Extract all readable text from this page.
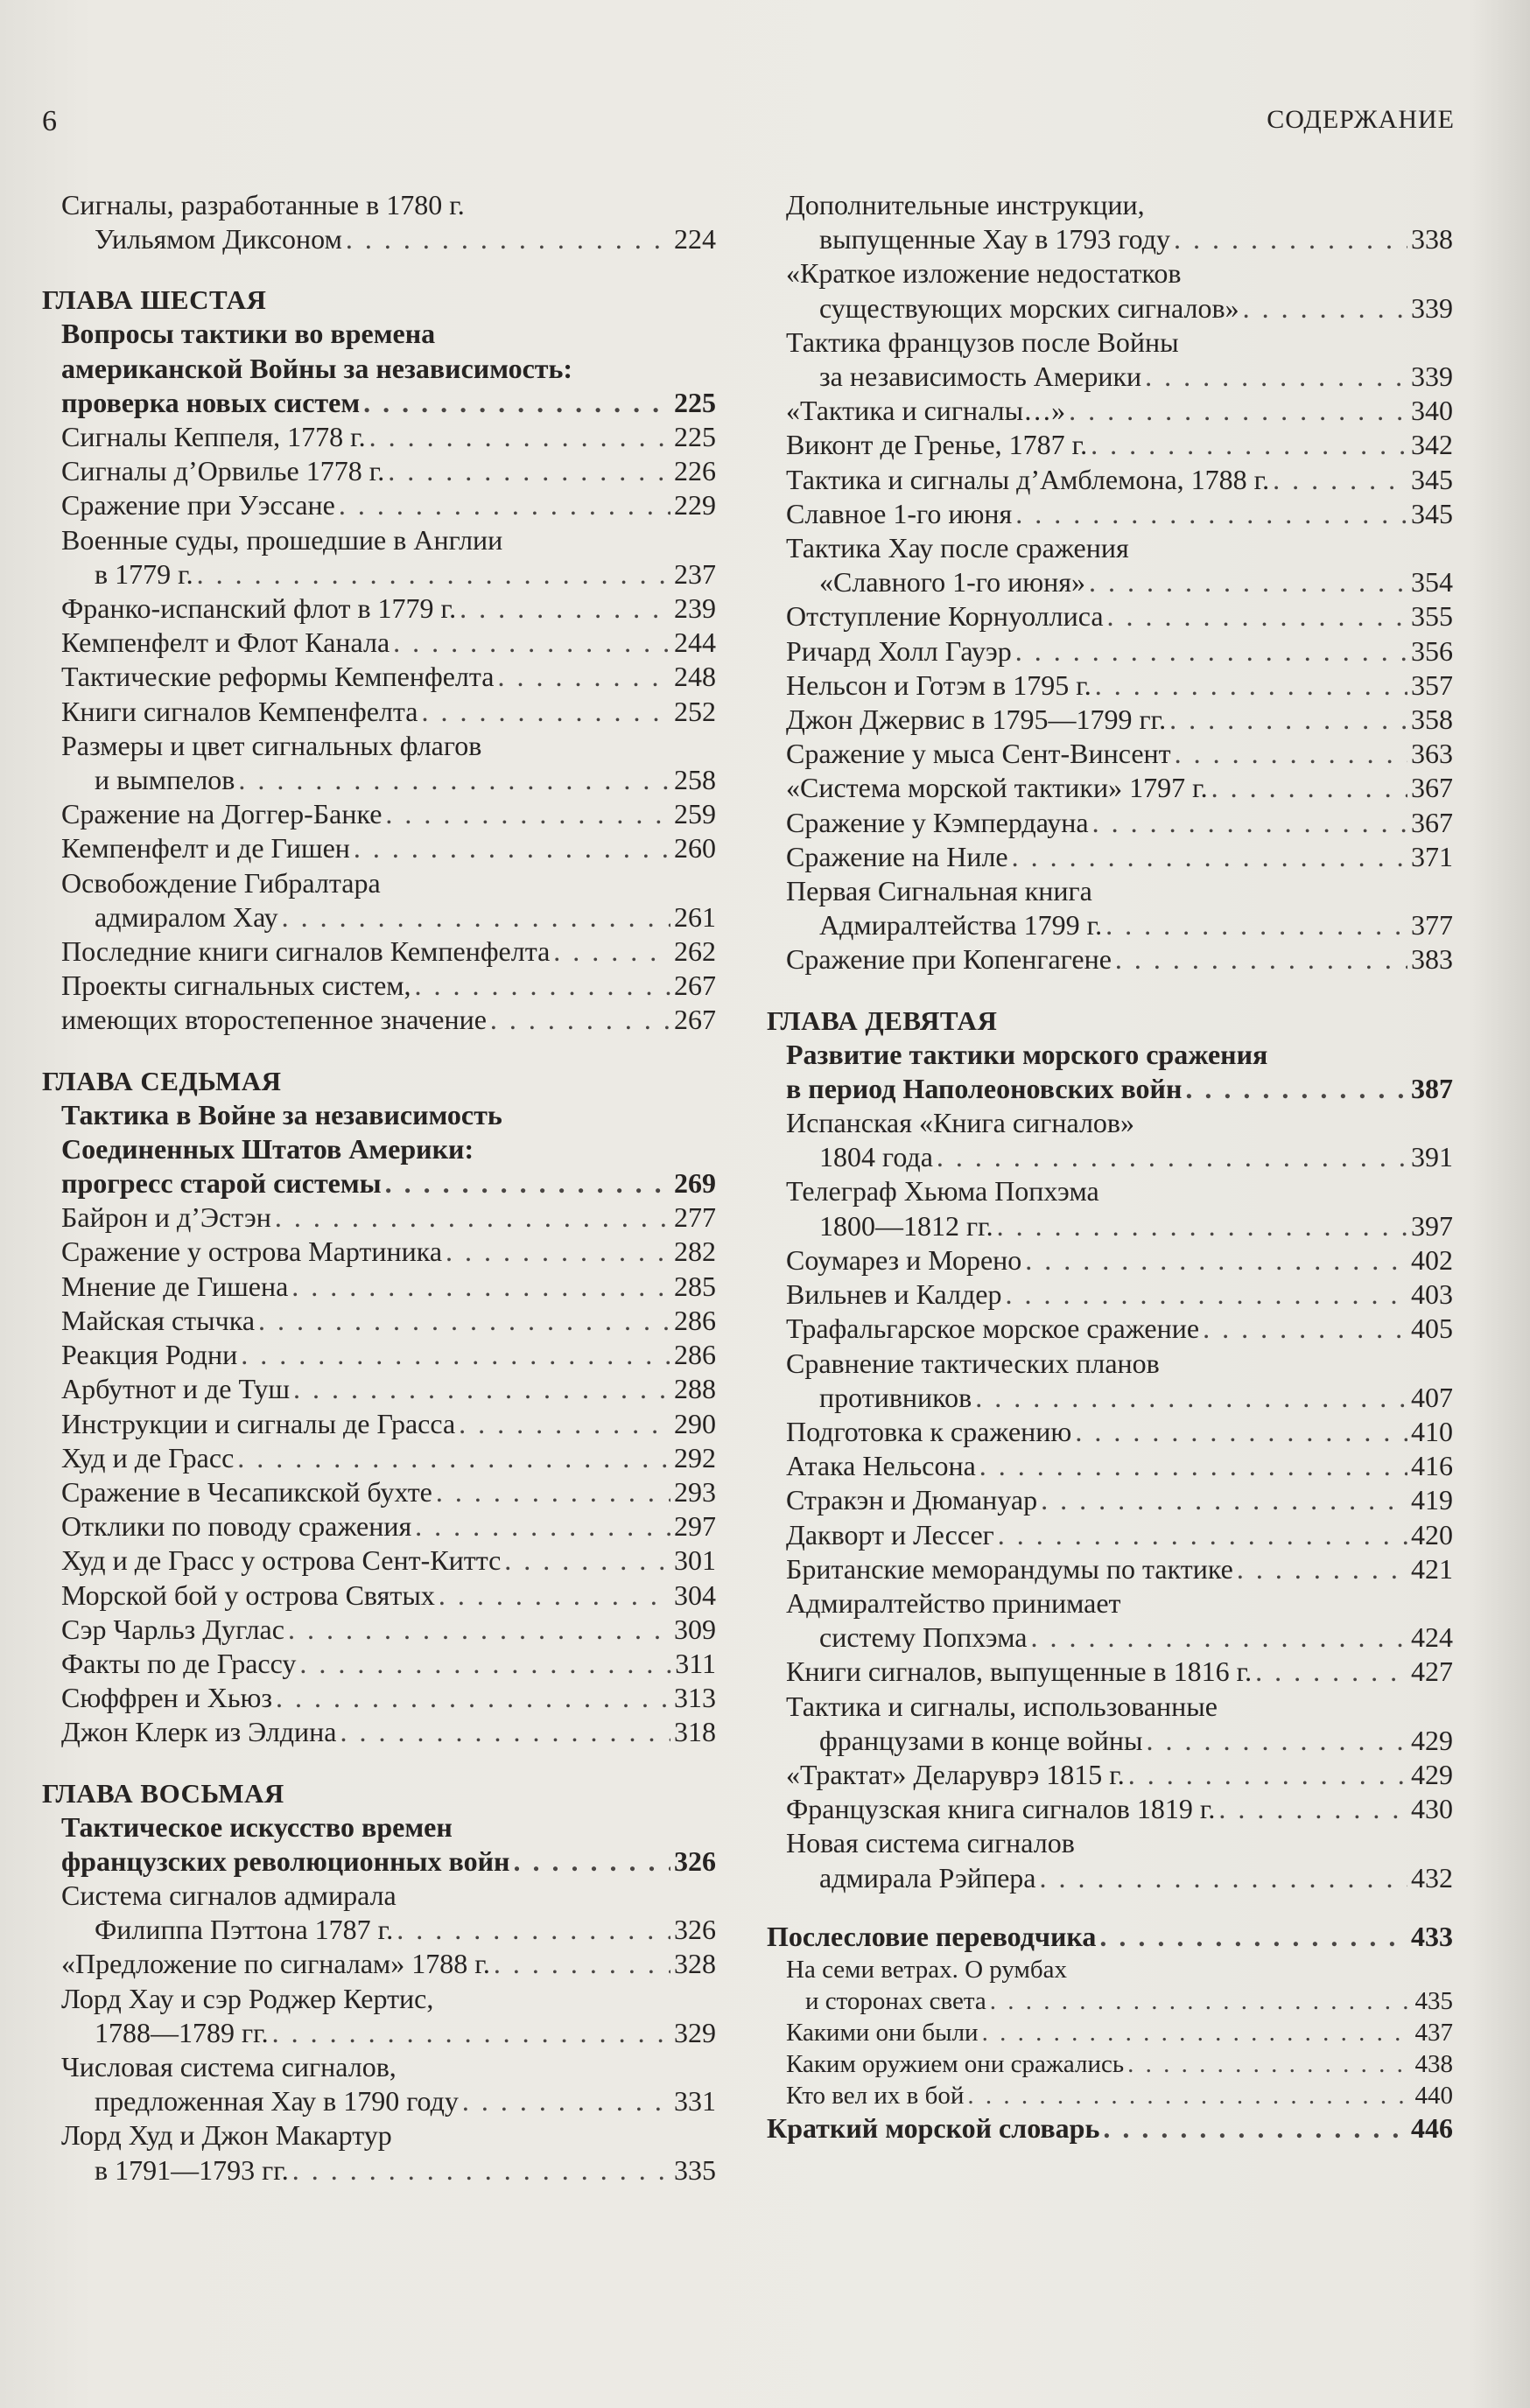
6	СОДЕРЖАНИЕ
Сигналы, разработанные в 1780 г.
Уильямом Диксоном . . .	224
ГЛАВА ШЕСТАЯ
Вопросы тактики во времена
американской Войны за независимость:
проверка новых систем . . .	225
Сигналы Кеппеля, 1778 г. . . .	225
Сигналы д’Орвилье 1778 г. . . .	226
Сражение при Уэссане . . .	229
Военные суды, прошедшие в Англии
в 1779 г. . . .	237
Франко-испанский флот в 1779 г. . . .	239
Кемпенфелт и Флот Канала . . .	244
Тактические реформы Кемпенфелта . . .	248
Книги сигналов Кемпенфелта . . .	252
Размеры и цвет сигнальных флагов
и вымпелов . . .	258
Сражение на Доггер-Банке . . .	259
Кемпенфелт и де Гишен . . .	260
Освобождение Гибралтара
адмиралом Хау . . .	261
Последние книги сигналов Кемпенфелта . . .	262
Проекты сигнальных систем, . . .	267
имеющих второстепенное значение . . .	267
ГЛАВА СЕДЬМАЯ
Тактика в Войне за независимость
Соединенных Штатов Америки:
прогресс старой системы . . .	269
Байрон и д’Эстэн . . .	277
Сражение у острова Мартиника . . .	282
Мнение де Гишена . . .	285
Майская стычка . . .	286
Реакция Родни . . .	286
Арбутнот и де Туш . . .	288
Инструкции и сигналы де Грасса . . .	290
Худ и де Грасс . . .	292
Сражение в Чесапикской бухте . . .	293
Отклики по поводу сражения . . .	297
Худ и де Грасс у острова Сент-Киттс . . .	301
Морской бой у острова Святых . . .	304
Сэр Чарльз Дуглас . . .	309
Факты по де Грассу . . .	311
Сюффрен и Хьюз . . .	313
Джон Клерк из Элдина . . .	318
ГЛАВА ВОСЬМАЯ
Тактическое искусство времен
французских революционных войн . . .	326
Система сигналов адмирала
Филиппа Пэттона 1787 г. . . .	326
«Предложение по сигналам» 1788 г. . . .	328
Лорд Хау и сэр Роджер Кертис,
1788—1789 гг. . . .	329
Числовая система сигналов,
предложенная Хау в 1790 году . . .	331
Лорд Худ и Джон Макартур
в 1791—1793 гг. . . .	335
Дополнительные инструкции,
выпущенные Хау в 1793 году . . .	338
«Краткое изложение недостатков
существующих морских сигналов» . . .	339
Тактика французов после Войны
за независимость Америки . . .	339
«Тактика и сигналы…» . . .	340
Виконт де Гренье, 1787 г. . . .	342
Тактика и сигналы д’Амблемона, 1788 г. . . .	345
Славное 1-го июня . . .	345
Тактика Хау после сражения
«Славного 1-го июня» . . .	354
Отступление Корнуоллиса . . .	355
Ричард Холл Гауэр . . .	356
Нельсон и Готэм в 1795 г. . . .	357
Джон Джервис в 1795—1799 гг. . . .	358
Сражение у мыса Сент-Винсент . . .	363
«Система морской тактики» 1797 г. . . .	367
Сражение у Кэмпердауна . . .	367
Сражение на Ниле . . .	371
Первая Сигнальная книга
Адмиралтейства 1799 г. . . .	377
Сражение при Копенгагене . . .	383
ГЛАВА ДЕВЯТАЯ
Развитие тактики морского сражения
в период Наполеоновских войн . . .	387
Испанская «Книга сигналов»
1804 года . . .	391
Телеграф Хьюма Попхэма
1800—1812 гг. . . .	397
Соумарез и Морено . . .	402
Вильнев и Калдер . . .	403
Трафальгарское морское сражение . . .	405
Сравнение тактических планов
противников . . .	407
Подготовка к сражению . . .	410
Атака Нельсона . . .	416
Стракэн и Дюмануар . . .	419
Дакворт и Лессег . . .	420
Британские меморандумы по тактике . . .	421
Адмиралтейство принимает
систему Попхэма . . .	424
Книги сигналов, выпущенные в 1816 г. . . .	427
Тактика и сигналы, использованные
французами в конце войны . . .	429
«Трактат» Деларуврэ 1815 г. . . .	429
Французская книга сигналов 1819 г. . . .	430
Новая система сигналов
адмирала Рэйпера . . .	432
Послесловие переводчика . . .	433
На семи ветрах. О румбах
и сторонах света . . .	435
Какими они были . . .	437
Каким оружием они сражались . . .	438
Кто вел их в бой . . .	440
Краткий морской словарь . . .	446
